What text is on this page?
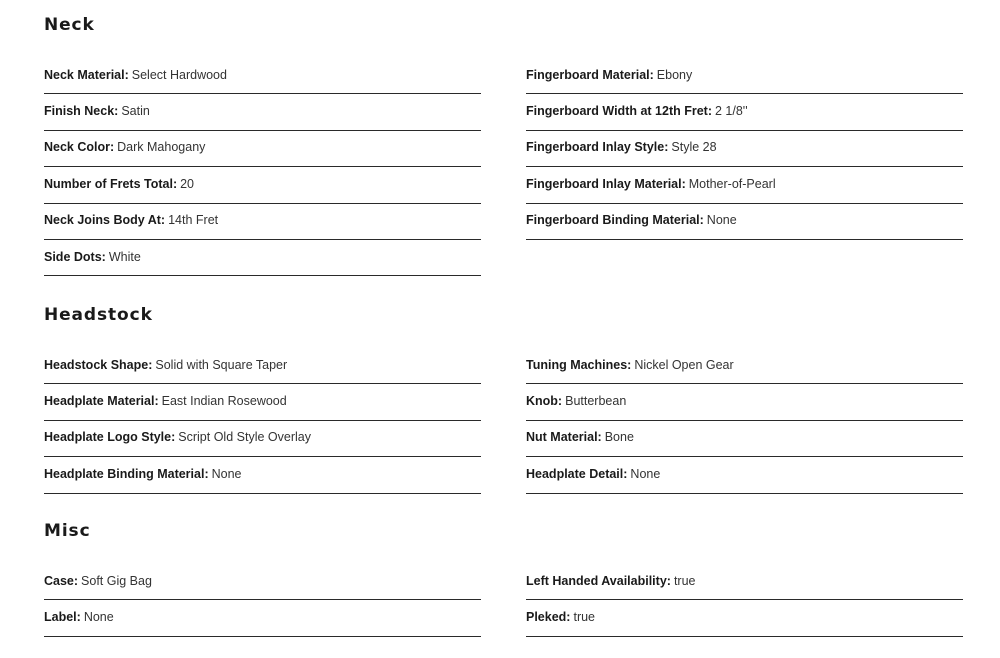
Neck
Neck Material: Select Hardwood
Finish Neck: Satin
Neck Color: Dark Mahogany
Number of Frets Total: 20
Neck Joins Body At: 14th Fret
Side Dots: White
Fingerboard Material: Ebony
Fingerboard Width at 12th Fret: 2 1/8''
Fingerboard Inlay Style: Style 28
Fingerboard Inlay Material: Mother-of-Pearl
Fingerboard Binding Material: None
Headstock
Headstock Shape: Solid with Square Taper
Headplate Material: East Indian Rosewood
Headplate Logo Style: Script Old Style Overlay
Headplate Binding Material: None
Tuning Machines: Nickel Open Gear
Knob: Butterbean
Nut Material: Bone
Headplate Detail: None
Misc
Case: Soft Gig Bag
Label: None
Left Handed Availability: true
Pleked: true
